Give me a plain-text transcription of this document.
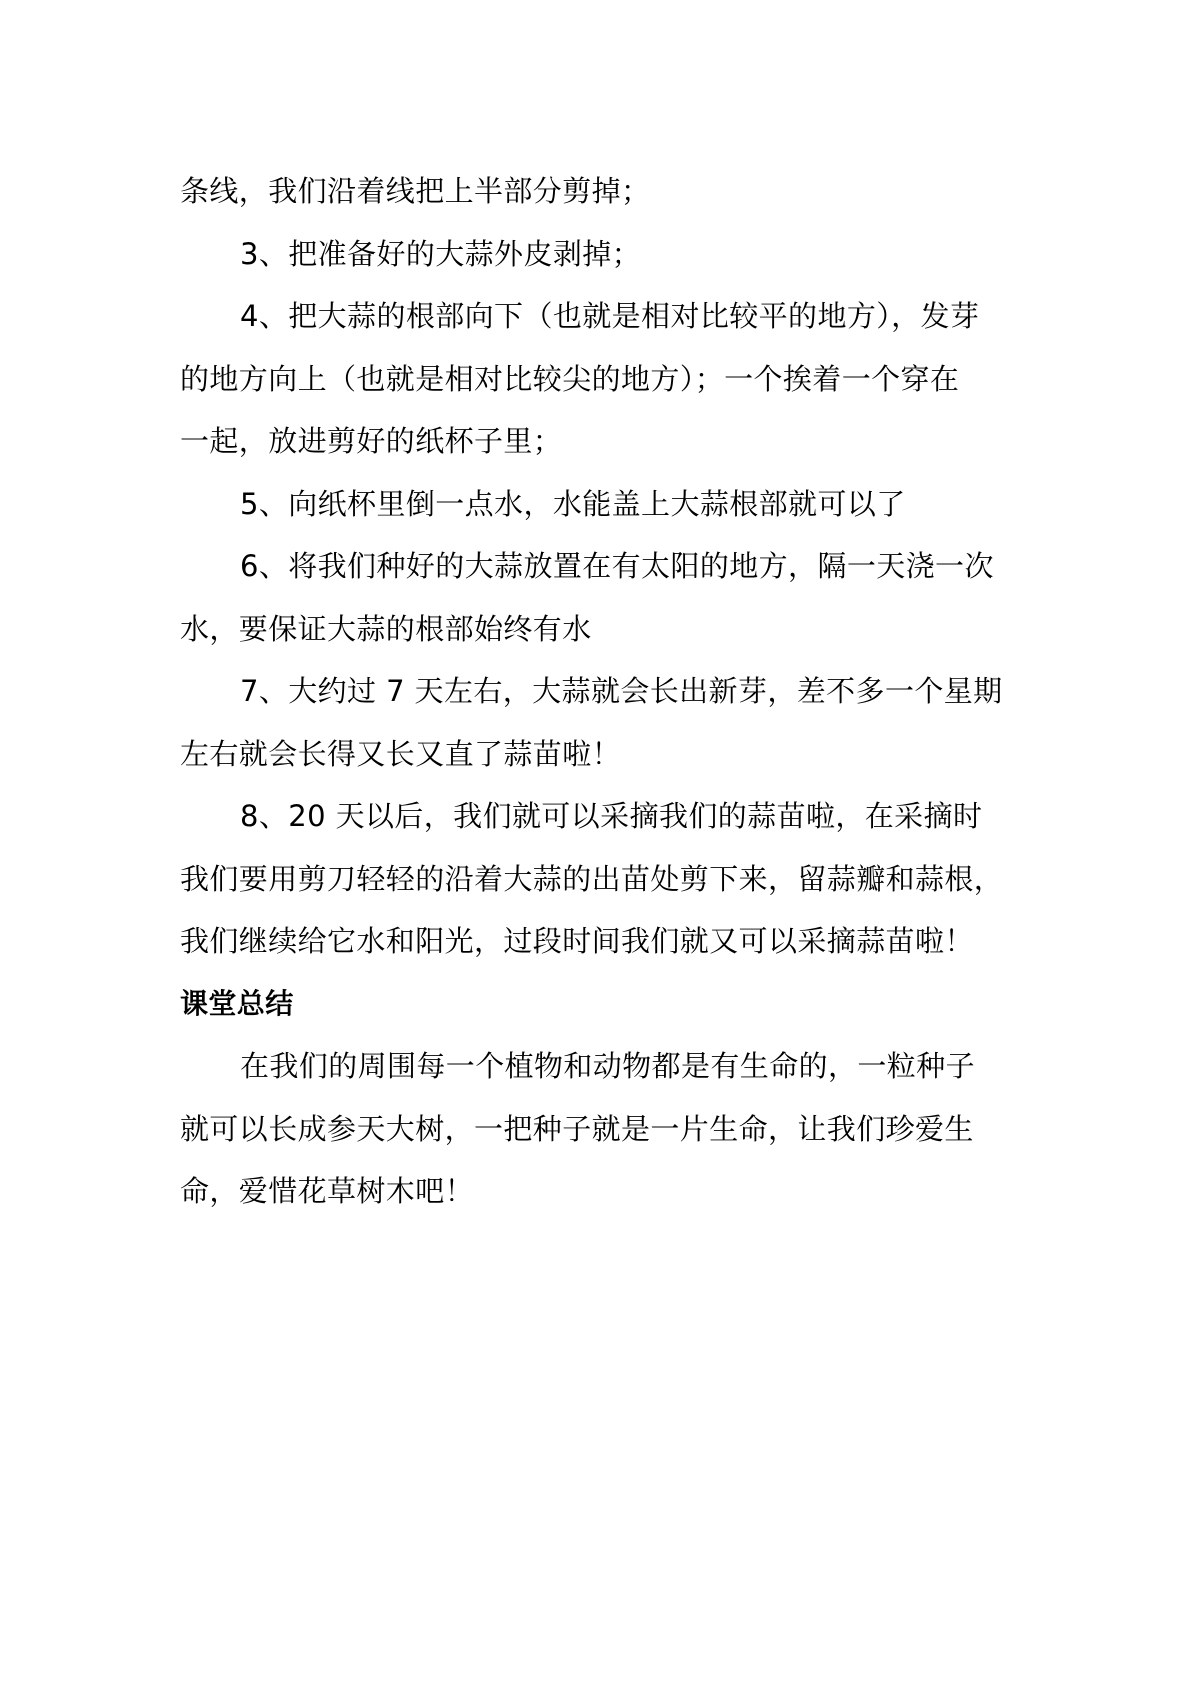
条线，我们沿着线把上半部分剪掉；
3、把准备好的大蒜外皮剥掉；
4、把大蒜的根部向下（也就是相对比较平的地方），发芽
的地方向上（也就是相对比较尖的地方）；一个挨着一个穿在
一起，放进剪好的纸杯子里；
5、向纸杯里倒一点水，水能盖上大蒜根部就可以了
6、将我们种好的大蒜放置在有太阳的地方，隔一天浇一次
水，要保证大蒜的根部始终有水
7、大约过 7 天左右，大蒜就会长出新芽，差不多一个星期
左右就会长得又长又直了蒜苗啦！
8、20 天以后，我们就可以采摘我们的蒜苗啦，在采摘时
我们要用剪刀轻轻的沿着大蒜的出苗处剪下来，留蒜瓣和蒜根，
我们继续给它水和阳光，过段时间我们就又可以采摘蒜苗啦！
课堂总结
在我们的周围每一个植物和动物都是有生命的，一粒种子
就可以长成参天大树，一把种子就是一片生命，让我们珍爱生
命，爱惜花草树木吧！
